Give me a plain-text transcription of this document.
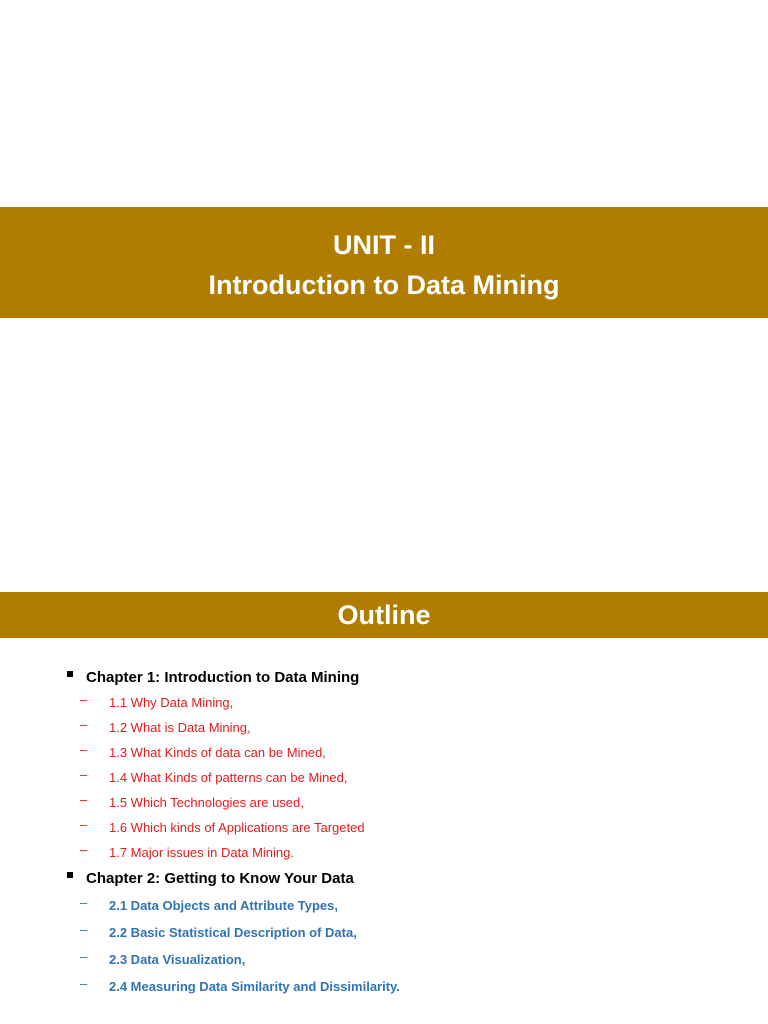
UNIT - II
Introduction to Data Mining
Outline
Chapter 1: Introduction to Data Mining
– 1.1 Why Data Mining,
– 1.2 What is Data Mining,
– 1.3 What Kinds of data can be Mined,
– 1.4 What Kinds of patterns can be Mined,
– 1.5 Which Technologies are used,
– 1.6 Which kinds of Applications are Targeted
– 1.7 Major issues in Data Mining.
Chapter 2: Getting to Know Your Data
– 2.1 Data Objects and Attribute Types,
– 2.2 Basic Statistical Description of Data,
– 2.3 Data Visualization,
– 2.4 Measuring Data Similarity and Dissimilarity.
